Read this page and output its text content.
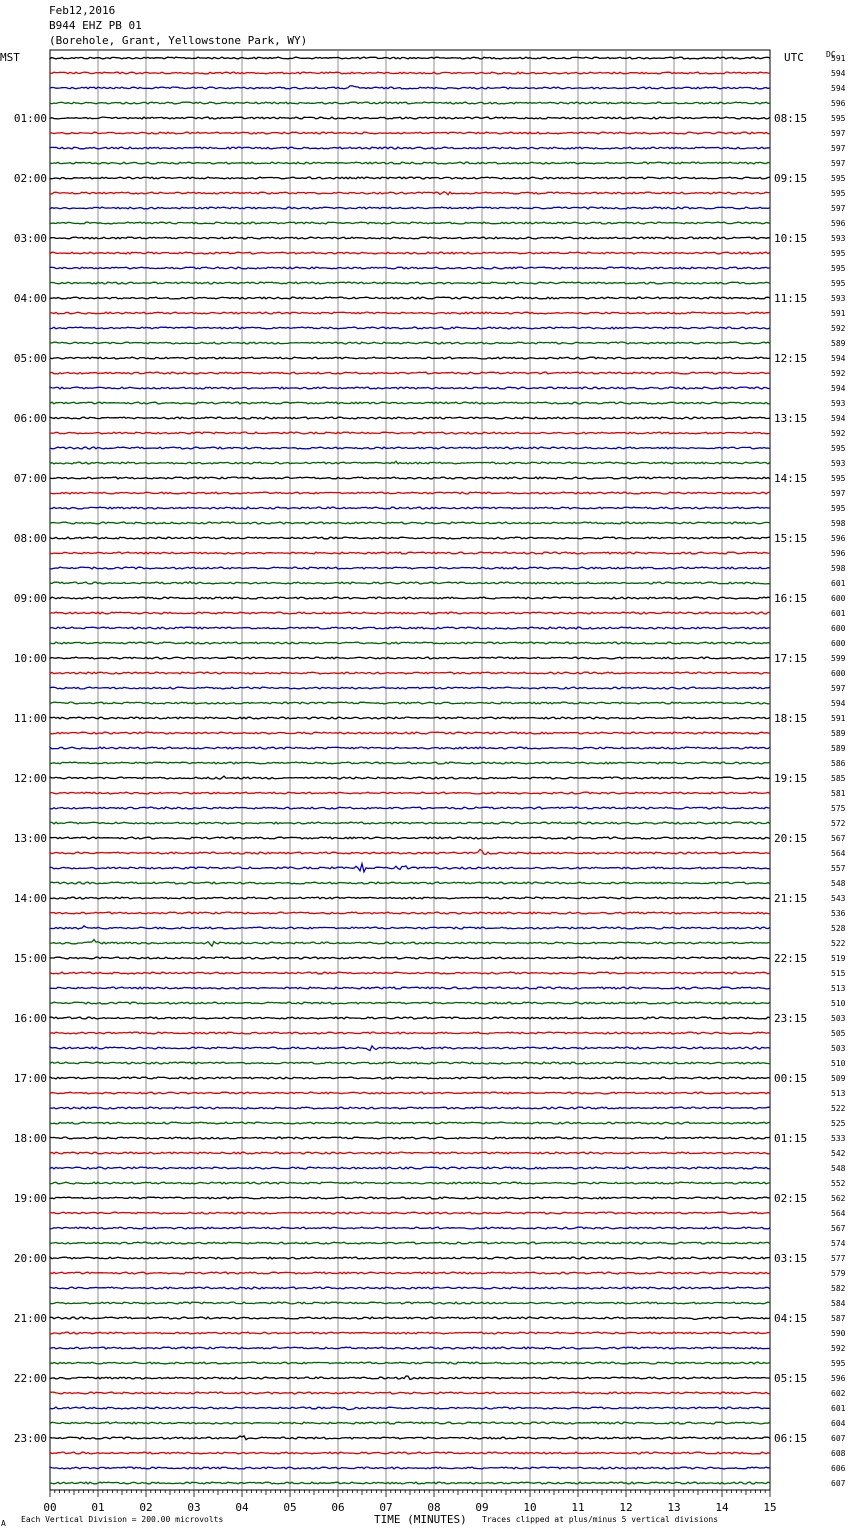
Feb12,2016
B944 EHZ PB 01
(Borehole, Grant, Yellowstone Park, WY)
MST	UTC	DC
00	01	02	03	04	05	06	07	08	09	10	11	12	13	14	15
591
594
594
596
595
597
597
597
595
595
597
596
593
595
595
595
593
591
592
589
594
592
594
593
594
592
595
593
595
597
595
598
596
596
598
601
600
601
600
600
599
600
597
594
591
589
589
586
585
581
575
572
567
564
557
548
543
536
528
522
519
515
513
510
503
505
503
510
509
513
522
525
533
542
548
552
562
564
567
574
577
579
582
584
587
590
592
595
596
602
601
604
607
608
606
607
01:00	08:15
02:00	09:15
03:00	10:15
04:00	11:15
05:00	12:15
06:00	13:15
07:00	14:15
08:00	15:15
09:00	16:15
10:00	17:15
11:00	18:15
12:00	19:15
13:00	20:15
14:00	21:15
15:00	22:15
16:00	23:15
17:00	00:15
18:00	01:15
19:00	02:15
20:00	03:15
21:00	04:15
22:00	05:15
23:00	06:15
TIME (MINUTES)
Each Vertical Division = 200.00 microvolts	Traces clipped at plus/minus 5 vertical divisions
A
